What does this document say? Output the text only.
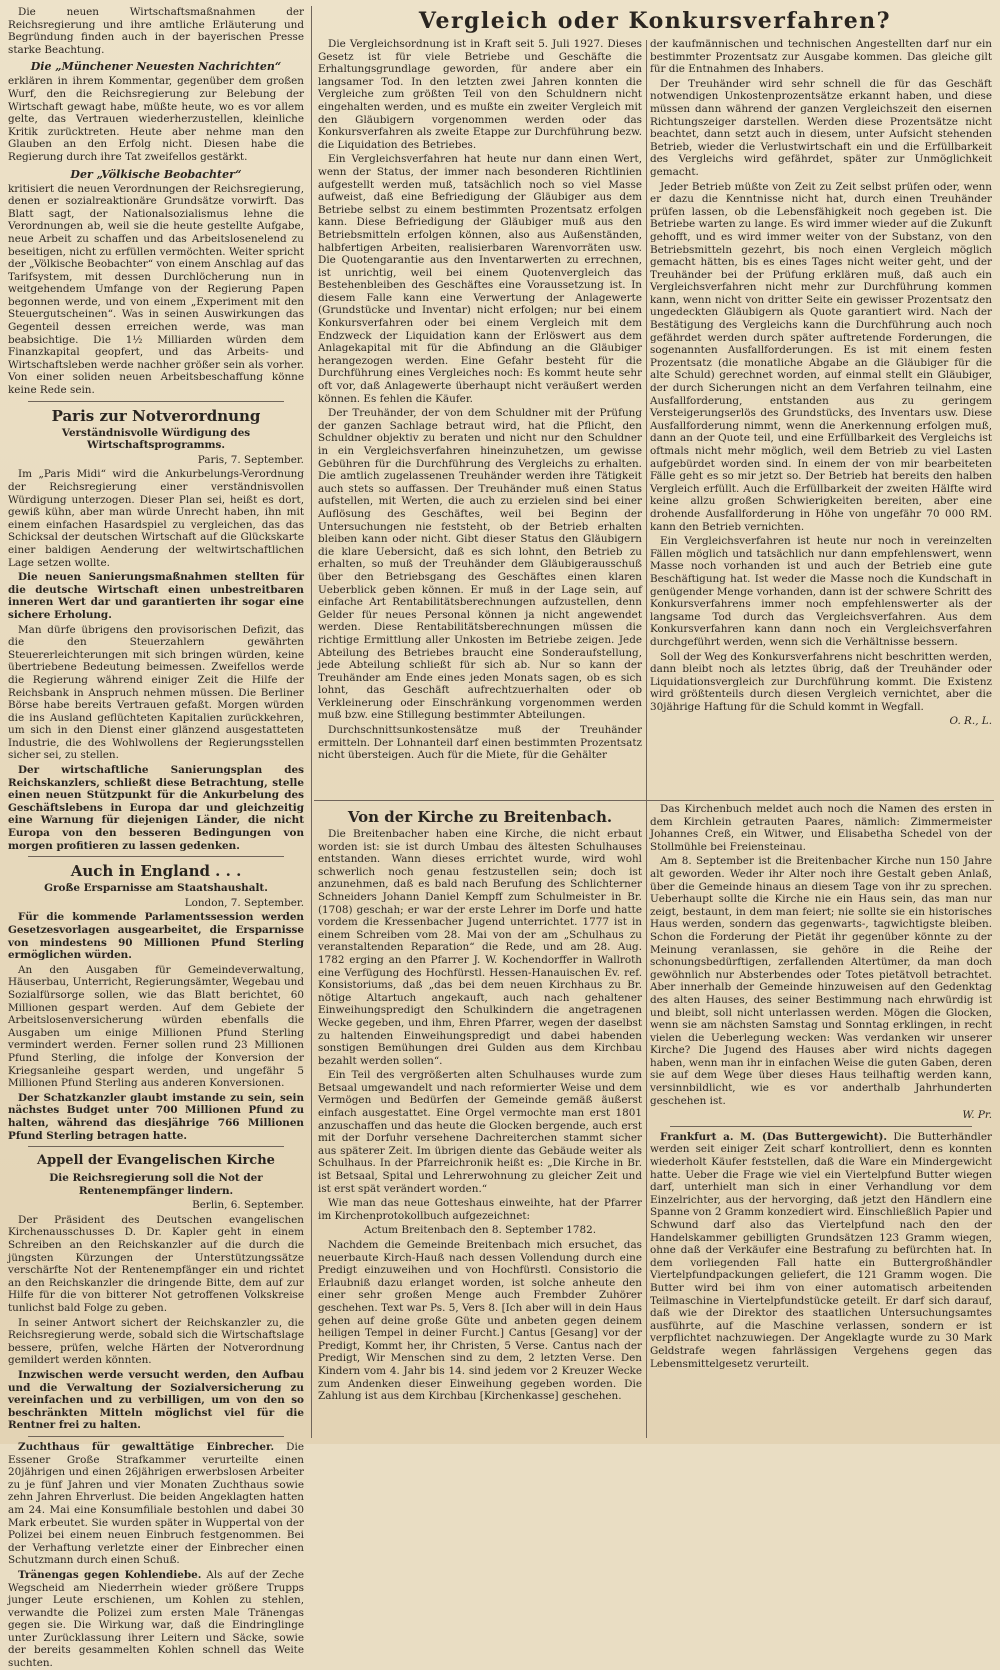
Die neuen Wirtschaftsmaßnahmen der Reichsregierung und ihre amtliche Erläuterung und Begründung finden auch in der bayerischen Presse starke Beachtung.

Die „Münchener Neuesten Nachrichten“

erklären in ihrem Kommentar, gegenüber dem großen Wurf, den die Reichsregierung zur Belebung der Wirtschaft gewagt habe, müßte heute, wo es vor allem gelte, das Vertrauen wiederherzustellen, kleinliche Kritik zurücktreten. Heute aber nehme man den Glauben an den Erfolg nicht. Diesen habe die Regierung durch ihre Tat zweifellos gestärkt.

Der „Völkische Beobachter“

kritisiert die neuen Verordnungen der Reichsregierung, denen er sozialreaktionäre Grundsätze vorwirft. Das Blatt sagt, der Nationalsozialismus lehne die Verordnungen ab, weil sie die heute gestellte Aufgabe, neue Arbeit zu schaffen und das Arbeitslosenelend zu beseitigen, nicht zu erfüllen vermöchten. Weiter spricht der „Völkische Beobachter“ von einem Anschlag auf das Tarifsystem, mit dessen Durchlöcherung nun in weitgehendem Umfange von der Regierung Papen begonnen werde, und von einem „Experiment mit den Steuergutscheinen“. Was in seinen Auswirkungen das Gegenteil dessen erreichen werde, was man beabsichtige. Die 1½ Milliarden würden dem Finanzkapital geopfert, und das Arbeits- und Wirtschaftsleben werde nachher größer sein als vorher. Von einer soliden neuen Arbeitsbeschaffung könne keine Rede sein.

Paris zur Notverordnung
Verständnisvolle Würdigung des Wirtschaftsprogramms.
Paris, 7. September.

Im „Paris Midi“ wird die Ankurbelungs-Verordnung der Reichsregierung einer verständnisvollen Würdigung unterzogen. Dieser Plan sei, heißt es dort, gewiß kühn, aber man würde Unrecht haben, ihn mit einem einfachen Hasardspiel zu vergleichen, das das Schicksal der deutschen Wirtschaft auf die Glückskarte einer baldigen Aenderung der weltwirtschaftlichen Lage setzen wollte.

Die neuen Sanierungsmaßnahmen stellten für die deutsche Wirtschaft einen unbestreitbaren inneren Wert dar und garantierten ihr sogar eine sichere Erholung.

Man dürfe übrigens den provisorischen Defizit, das die den Steuerzahlern gewährten Steuererleichterungen mit sich bringen würden, keine übertriebene Bedeutung beimessen. Zweifellos werde die Regierung während einiger Zeit die Hilfe der Reichsbank in Anspruch nehmen müssen. Die Berliner Börse habe bereits Vertrauen gefaßt. Morgen würden die ins Ausland geflüchteten Kapitalien zurückkehren, um sich in den Dienst einer glänzend ausgestatteten Industrie, die des Wohlwollens der Regierungsstellen sicher sei, zu stellen.

Der wirtschaftliche Sanierungsplan des Reichskanzlers, schließt diese Betrachtung, stelle einen neuen Stützpunkt für die Ankurbelung des Geschäftslebens in Europa dar und gleichzeitig eine Warnung für diejenigen Länder, die nicht Europa von den besseren Bedingungen von morgen profitieren zu lassen gedenken.

Auch in England . . .
Große Ersparnisse am Staatshaushalt.
London, 7. September.

Für die kommende Parlamentssession werden Gesetzesvorlagen ausgearbeitet, die Ersparnisse von mindestens 90 Millionen Pfund Sterling ermöglichen würden.

An den Ausgaben für Gemeindeverwaltung, Häuserbau, Unterricht, Regierungsämter, Wegebau und Sozialfürsorge sollen, wie das Blatt berichtet, 60 Millionen gespart werden. Auf dem Gebiete der Arbeitslosenversicherung würden ebenfalls die Ausgaben um einige Millionen Pfund Sterling vermindert werden. Ferner sollen rund 23 Millionen Pfund Sterling, die infolge der Konversion der Kriegsanleihe gespart werden, und ungefähr 5 Millionen Pfund Sterling aus anderen Konversionen.

Der Schatzkanzler glaubt imstande zu sein, sein nächstes Budget unter 700 Millionen Pfund zu halten, während das diesjährige 766 Millionen Pfund Sterling betragen hatte.

Appell der Evangelischen Kirche
Die Reichsregierung soll die Not der Rentenempfänger lindern.
Berlin, 6. September.

Der Präsident des Deutschen evangelischen Kirchenausschusses D. Dr. Kapler geht in einem Schreiben an den Reichskanzler auf die durch die jüngsten Kürzungen der Unterstützungssätze verschärfte Not der Rentenempfänger ein und richtet an den Reichskanzler die dringende Bitte, dem auf zur Hilfe für die von bitterer Not getroffenen Volkskreise tunlichst bald Folge zu geben.

In seiner Antwort sichert der Reichskanzler zu, die Reichsregierung werde, sobald sich die Wirtschaftslage bessere, prüfen, welche Härten der Notverordnung gemildert werden könnten.

Inzwischen werde versucht werden, den Aufbau und die Verwaltung der Sozialversicherung zu vereinfachen und zu verbilligen, um von den so beschränkten Mitteln möglichst viel für die Rentner frei zu halten.

Zuchthaus für gewalttätige Einbrecher. Die Essener Große Strafkammer verurteilte einen 20jährigen und einen 26jährigen erwerbslosen Arbeiter zu je fünf Jahren und vier Monaten Zuchthaus sowie zehn Jahren Ehrverlust. Die beiden Angeklagten hatten am 24. Mai eine Konsumfiliale bestohlen und dabei 30 Mark erbeutet. Sie wurden später in Wuppertal von der Polizei bei einem neuen Einbruch festgenommen. Bei der Verhaftung verletzte einer der Einbrecher einen Schutzmann durch einen Schuß.

Tränengas gegen Kohlendiebe. Als auf der Zeche Wegscheid am Niederrhein wieder größere Trupps junger Leute erschienen, um Kohlen zu stehlen, verwandte die Polizei zum ersten Male Tränengas gegen sie. Die Wirkung war, daß die Eindringlinge unter Zurücklassung ihrer Leitern und Säcke, sowie der bereits gesammelten Kohlen schnell das Weite suchten.

Vergleich oder Konkursverfahren?

Die Vergleichsordnung ist in Kraft seit 5. Juli 1927. Dieses Gesetz ist für viele Betriebe und Geschäfte die Erhaltungsgrundlage geworden, für andere aber ein langsamer Tod. In den letzten zwei Jahren konnten die Vergleiche zum größten Teil von den Schuldnern nicht eingehalten werden, und es mußte ein zweiter Vergleich mit den Gläubigern vorgenommen werden oder das Konkursverfahren als zweite Etappe zur Durchführung bezw. die Liquidation des Betriebes.

Ein Vergleichsverfahren hat heute nur dann einen Wert, wenn der Status, der immer nach besonderen Richtlinien aufgestellt werden muß, tatsächlich noch so viel Masse aufweist, daß eine Befriedigung der Gläubiger aus dem Betriebe selbst zu einem bestimmten Prozentsatz erfolgen kann. Diese Befriedigung der Gläubiger muß aus den Betriebsmitteln erfolgen können, also aus Außenständen, halbfertigen Arbeiten, realisierbaren Warenvorräten usw. Die Quotengarantie aus den Inventarwerten zu errechnen, ist unrichtig, weil bei einem Quotenvergleich das Bestehenbleiben des Geschäftes eine Voraussetzung ist. In diesem Falle kann eine Verwertung der Anlagewerte (Grundstücke und Inventar) nicht erfolgen; nur bei einem Konkursverfahren oder bei einem Vergleich mit dem Endzweck der Liquidation kann der Erlöswert aus dem Anlagekapital mit für die Abfindung an die Gläubiger herangezogen werden. Eine Gefahr besteht für die Durchführung eines Vergleiches noch: Es kommt heute sehr oft vor, daß Anlagewerte überhaupt nicht veräußert werden können. Es fehlen die Käufer.

Der Treuhänder, der von dem Schuldner mit der Prüfung der ganzen Sachlage betraut wird, hat die Pflicht, den Schuldner objektiv zu beraten und nicht nur den Schuldner in ein Vergleichsverfahren hineinzuhetzen, um gewisse Gebühren für die Durchführung des Vergleichs zu erhalten. Die amtlich zugelassenen Treuhänder werden ihre Tätigkeit auch stets so auffassen. Der Treuhänder muß einen Status aufstellen, mit Werten, die auch zu erzielen sind bei einer Auflösung des Geschäftes, weil bei Beginn der Untersuchungen nie feststeht, ob der Betrieb erhalten bleiben kann oder nicht. Gibt dieser Status den Gläubigern die klare Uebersicht, daß es sich lohnt, den Betrieb zu erhalten, so muß der Treuhänder dem Gläubigerausschuß über den Betriebsgang des Geschäftes einen klaren Ueberblick geben können. Er muß in der Lage sein, auf einfache Art Rentabilitätsberechnungen aufzustellen, denn Gelder für neues Personal können ja nicht angewendet werden. Diese Rentabilitätsberechnungen müssen die richtige Ermittlung aller Unkosten im Betriebe zeigen. Jede Abteilung des Betriebes braucht eine Sonderaufstellung, jede Abteilung schließt für sich ab. Nur so kann der Treuhänder am Ende eines jeden Monats sagen, ob es sich lohnt, das Geschäft aufrechtzuerhalten oder ob Verkleinerung oder Einschränkung vorgenommen werden muß bzw. eine Stillegung bestimmter Abteilungen.

Durchschnittsunkostensätze muß der Treuhänder ermitteln. Der Lohnanteil darf einen bestimmten Prozentsatz nicht übersteigen. Auch für die Miete, für die Gehälter

der kaufmännischen und technischen Angestellten darf nur ein bestimmter Prozentsatz zur Ausgabe kommen. Das gleiche gilt für die Entnahmen des Inhabers.

Der Treuhänder wird sehr schnell die für das Geschäft notwendigen Unkostenprozentsätze erkannt haben, und diese müssen dann während der ganzen Vergleichszeit den eisernen Richtungszeiger darstellen. Werden diese Prozentsätze nicht beachtet, dann setzt auch in diesem, unter Aufsicht stehenden Betrieb, wieder die Verlustwirtschaft ein und die Erfüllbarkeit des Vergleichs wird gefährdet, später zur Unmöglichkeit gemacht.

Jeder Betrieb müßte von Zeit zu Zeit selbst prüfen oder, wenn er dazu die Kenntnisse nicht hat, durch einen Treuhänder prüfen lassen, ob die Lebensfähigkeit noch gegeben ist. Die Betriebe warten zu lange. Es wird immer wieder auf die Zukunft gehofft, und es wird immer weiter von der Substanz, von den Betriebsmitteln gezehrt, bis noch einen Vergleich möglich gemacht hätten, bis es eines Tages nicht weiter geht, und der Treuhänder bei der Prüfung erklären muß, daß auch ein Vergleichsverfahren nicht mehr zur Durchführung kommen kann, wenn nicht von dritter Seite ein gewisser Prozentsatz den ungedeckten Gläubigern als Quote garantiert wird. Nach der Bestätigung des Vergleichs kann die Durchführung auch noch gefährdet werden durch später auftretende Forderungen, die sogenannten Ausfallforderungen. Es ist mit einem festen Prozentsatz (die monatliche Abgabe an die Gläubiger für die alte Schuld) gerechnet worden, auf einmal stellt ein Gläubiger, der durch Sicherungen nicht an dem Verfahren teilnahm, eine Ausfallforderung, entstanden aus zu geringem Versteigerungserlös des Grundstücks, des Inventars usw. Diese Ausfallforderung nimmt, wenn die Anerkennung erfolgen muß, dann an der Quote teil, und eine Erfüllbarkeit des Vergleichs ist oftmals nicht mehr möglich, weil dem Betrieb zu viel Lasten aufgebürdet worden sind. In einem der von mir bearbeiteten Fälle geht es so mir jetzt so. Der Betrieb hat bereits den halben Vergleich erfüllt. Auch die Erfüllbarkeit der zweiten Hälfte wird keine allzu großen Schwierigkeiten bereiten, aber eine drohende Ausfallforderung in Höhe von ungefähr 70 000 RM. kann den Betrieb vernichten.

Ein Vergleichsverfahren ist heute nur noch in vereinzelten Fällen möglich und tatsächlich nur dann empfehlenswert, wenn Masse noch vorhanden ist und auch der Betrieb eine gute Beschäftigung hat. Ist weder die Masse noch die Kundschaft in genügender Menge vorhanden, dann ist der schwere Schritt des Konkursverfahrens immer noch empfehlenswerter als der langsame Tod durch das Vergleichsverfahren. Aus dem Konkursverfahren kann dann noch ein Vergleichsverfahren durchgeführt werden, wenn sich die Verhältnisse bessern.

Soll der Weg des Konkursverfahrens nicht beschritten werden, dann bleibt noch als letztes übrig, daß der Treuhänder oder Liquidationsvergleich zur Durchführung kommt. Die Existenz wird größtenteils durch diesen Vergleich vernichtet, aber die 30jährige Haftung für die Schuld kommt in Wegfall.

O. R., L.

Von der Kirche zu Breitenbach.

Die Breitenbacher haben eine Kirche, die nicht erbaut worden ist: sie ist durch Umbau des ältesten Schulhauses entstanden. Wann dieses errichtet wurde, wird wohl schwerlich noch genau festzustellen sein; doch ist anzunehmen, daß es bald nach Berufung des Schlichterner Schneiders Johann Daniel Kempff zum Schulmeister in Br. (1708) geschah; er war der erste Lehrer im Dorfe und hatte vordem die Kressenbacher Jugend unterrichtet. 1777 ist in einem Schreiben vom 28. Mai von der am „Schulhaus zu veranstaltenden Reparation“ die Rede, und am 28. Aug. 1782 erging an den Pfarrer J. W. Kochendorffer in Wallroth eine Verfügung des Hochfürstl. Hessen-Hanauischen Ev. ref. Konsistoriums, daß „das bei dem neuen Kirchhaus zu Br. nötige Altartuch angekauft, auch nach gehaltener Einweihungspredigt den Schulkindern die angetragenen Wecke gegeben, und ihm, Ehren Pfarrer, wegen der daselbst zu haltenden Einweihungspredigt und dabei habenden sonstigen Bemühungen drei Gulden aus dem Kirchbau bezahlt werden sollen“.

Ein Teil des vergrößerten alten Schulhauses wurde zum Betsaal umgewandelt und nach reformierter Weise und dem Vermögen und Bedürfen der Gemeinde gemäß äußerst einfach ausgestattet. Eine Orgel vermochte man erst 1801 anzuschaffen und das heute die Glocken bergende, auch erst mit der Dorfuhr versehene Dachreiterchen stammt sicher aus späterer Zeit. Im übrigen diente das Gebäude weiter als Schulhaus. In der Pfarreichronik heißt es: „Die Kirche in Br. ist Betsaal, Spital und Lehrerwohnung zu gleicher Zeit und ist erst spät verändert worden.“

Wie man das neue Gotteshaus einweihte, hat der Pfarrer im Kirchenprotokollbuch aufgezeichnet:

Actum Breitenbach den 8. September 1782.

Nachdem die Gemeinde Breitenbach mich ersuchet, das neuerbaute Kirch-Hauß nach dessen Vollendung durch eine Predigt einzuweihen und von Hochfürstl. Consistorio die Erlaubniß dazu erlanget worden, ist solche anheute den einer sehr großen Menge auch Frembder Zuhörer geschehen. Text war Ps. 5, Vers 8. [Ich aber will in dein Haus gehen auf deine große Güte und anbeten gegen deinem heiligen Tempel in deiner Furcht.] Cantus [Gesang] vor der Predigt, Kommt her, ihr Christen, 5 Verse. Cantus nach der Predigt, Wir Menschen sind zu dem, 2 letzten Verse. Den Kindern vom 4. Jahr bis 14. sind jedem vor 2 Kreuzer Wecke zum Andenken dieser Einweihung gegeben worden. Die Zahlung ist aus dem Kirchbau [Kirchenkasse] geschehen.

Das Kirchenbuch meldet auch noch die Namen des ersten in dem Kirchlein getrauten Paares, nämlich: Zimmermeister Johannes Creß, ein Witwer, und Elisabetha Schedel von der Stollmühle bei Freiensteinau.

Am 8. September ist die Breitenbacher Kirche nun 150 Jahre alt geworden. Weder ihr Alter noch ihre Gestalt geben Anlaß, über die Gemeinde hinaus an diesem Tage von ihr zu sprechen. Ueberhaupt sollte die Kirche nie ein Haus sein, das man nur zeigt, bestaunt, in dem man feiert; nie sollte sie ein historisches Haus werden, sondern das gegenwarts-, tagwichtigste bleiben. Schon die Forderung der Pietät ihr gegenüber könnte zu der Meinung veranlassen, sie gehöre in die Reihe der schonungsbedürftigen, zerfallenden Altertümer, da man doch gewöhnlich nur Absterbendes oder Totes pietätvoll betrachtet. Aber innerhalb der Gemeinde hinzuweisen auf den Gedenktag des alten Hauses, des seiner Bestimmung nach ehrwürdig ist und bleibt, soll nicht unterlassen werden. Mögen die Glocken, wenn sie am nächsten Samstag und Sonntag erklingen, in recht vielen die Ueberlegung wecken: Was verdanken wir unserer Kirche? Die Jugend des Hauses aber wird nichts dagegen haben, wenn man ihr in einfachen Weise die guten Gaben, deren sie auf dem Wege über dieses Haus teilhaftig werden kann, versinnbildlicht, wie es vor anderthalb Jahrhunderten geschehen ist.

W. Pr.

Frankfurt a. M. (Das Buttergewicht). Die Butterhändler werden seit einiger Zeit scharf kontrolliert, denn es konnten wiederholt Käufer feststellen, daß die Ware ein Mindergewicht hatte. Ueber die Frage wie viel ein Viertelpfund Butter wiegen darf, unterhielt man sich in einer Verhandlung vor dem Einzelrichter, aus der hervorging, daß jetzt den Händlern eine Spanne von 2 Gramm konzediert wird. Einschließlich Papier und Schwund darf also das Viertelpfund nach den der Handelskammer gebilligten Grundsätzen 123 Gramm wiegen, ohne daß der Verkäufer eine Bestrafung zu befürchten hat. In dem vorliegenden Fall hatte ein Buttergroßhändler Viertelpfundpackungen geliefert, die 121 Gramm wogen. Die Butter wird bei ihm von einer automatisch arbeitenden Teilmaschine in Viertelpfundstücke geteilt. Er darf sich darauf, daß wie der Direktor des staatlichen Untersuchungsamtes ausführte, auf die Maschine verlassen, sondern er ist verpflichtet nachzuwiegen. Der Angeklagte wurde zu 30 Mark Geldstrafe wegen fahrlässigen Vergehens gegen das Lebensmittelgesetz verurteilt.
